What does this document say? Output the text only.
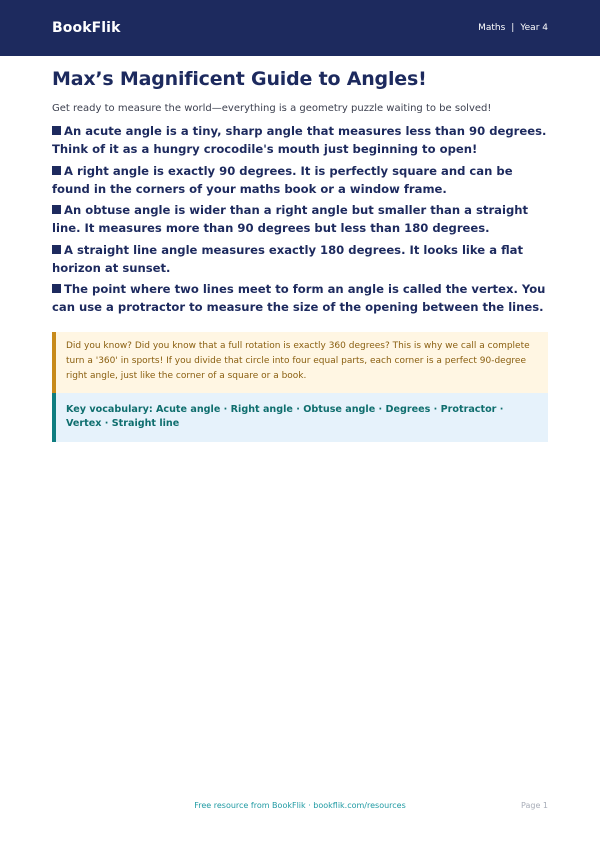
BookFlik	Maths | Year 4
Max’s Magnificent Guide to Angles!

Get ready to measure the world—everything is a geometry puzzle waiting to be solved!

An acute angle is a tiny, sharp angle that measures less than 90 degrees. Think of it as a hungry crocodile's mouth just beginning to open!

A right angle is exactly 90 degrees. It is perfectly square and can be found in the corners of your maths book or a window frame.

An obtuse angle is wider than a right angle but smaller than a straight line. It measures more than 90 degrees but less than 180 degrees.

A straight line angle measures exactly 180 degrees. It looks like a flat horizon at sunset.

The point where two lines meet to form an angle is called the vertex. You can use a protractor to measure the size of the opening between the lines.

Did you know? Did you know that a full rotation is exactly 360 degrees? This is why we call a complete turn a '360' in sports! If you divide that circle into four equal parts, each corner is a perfect 90-degree right angle, just like the corner of a square or a book.
Key vocabulary: Acute angle · Right angle · Obtuse angle · Degrees · Protractor · Vertex · Straight line
Free resource from BookFlik · bookflik.com/resources	Page 1
